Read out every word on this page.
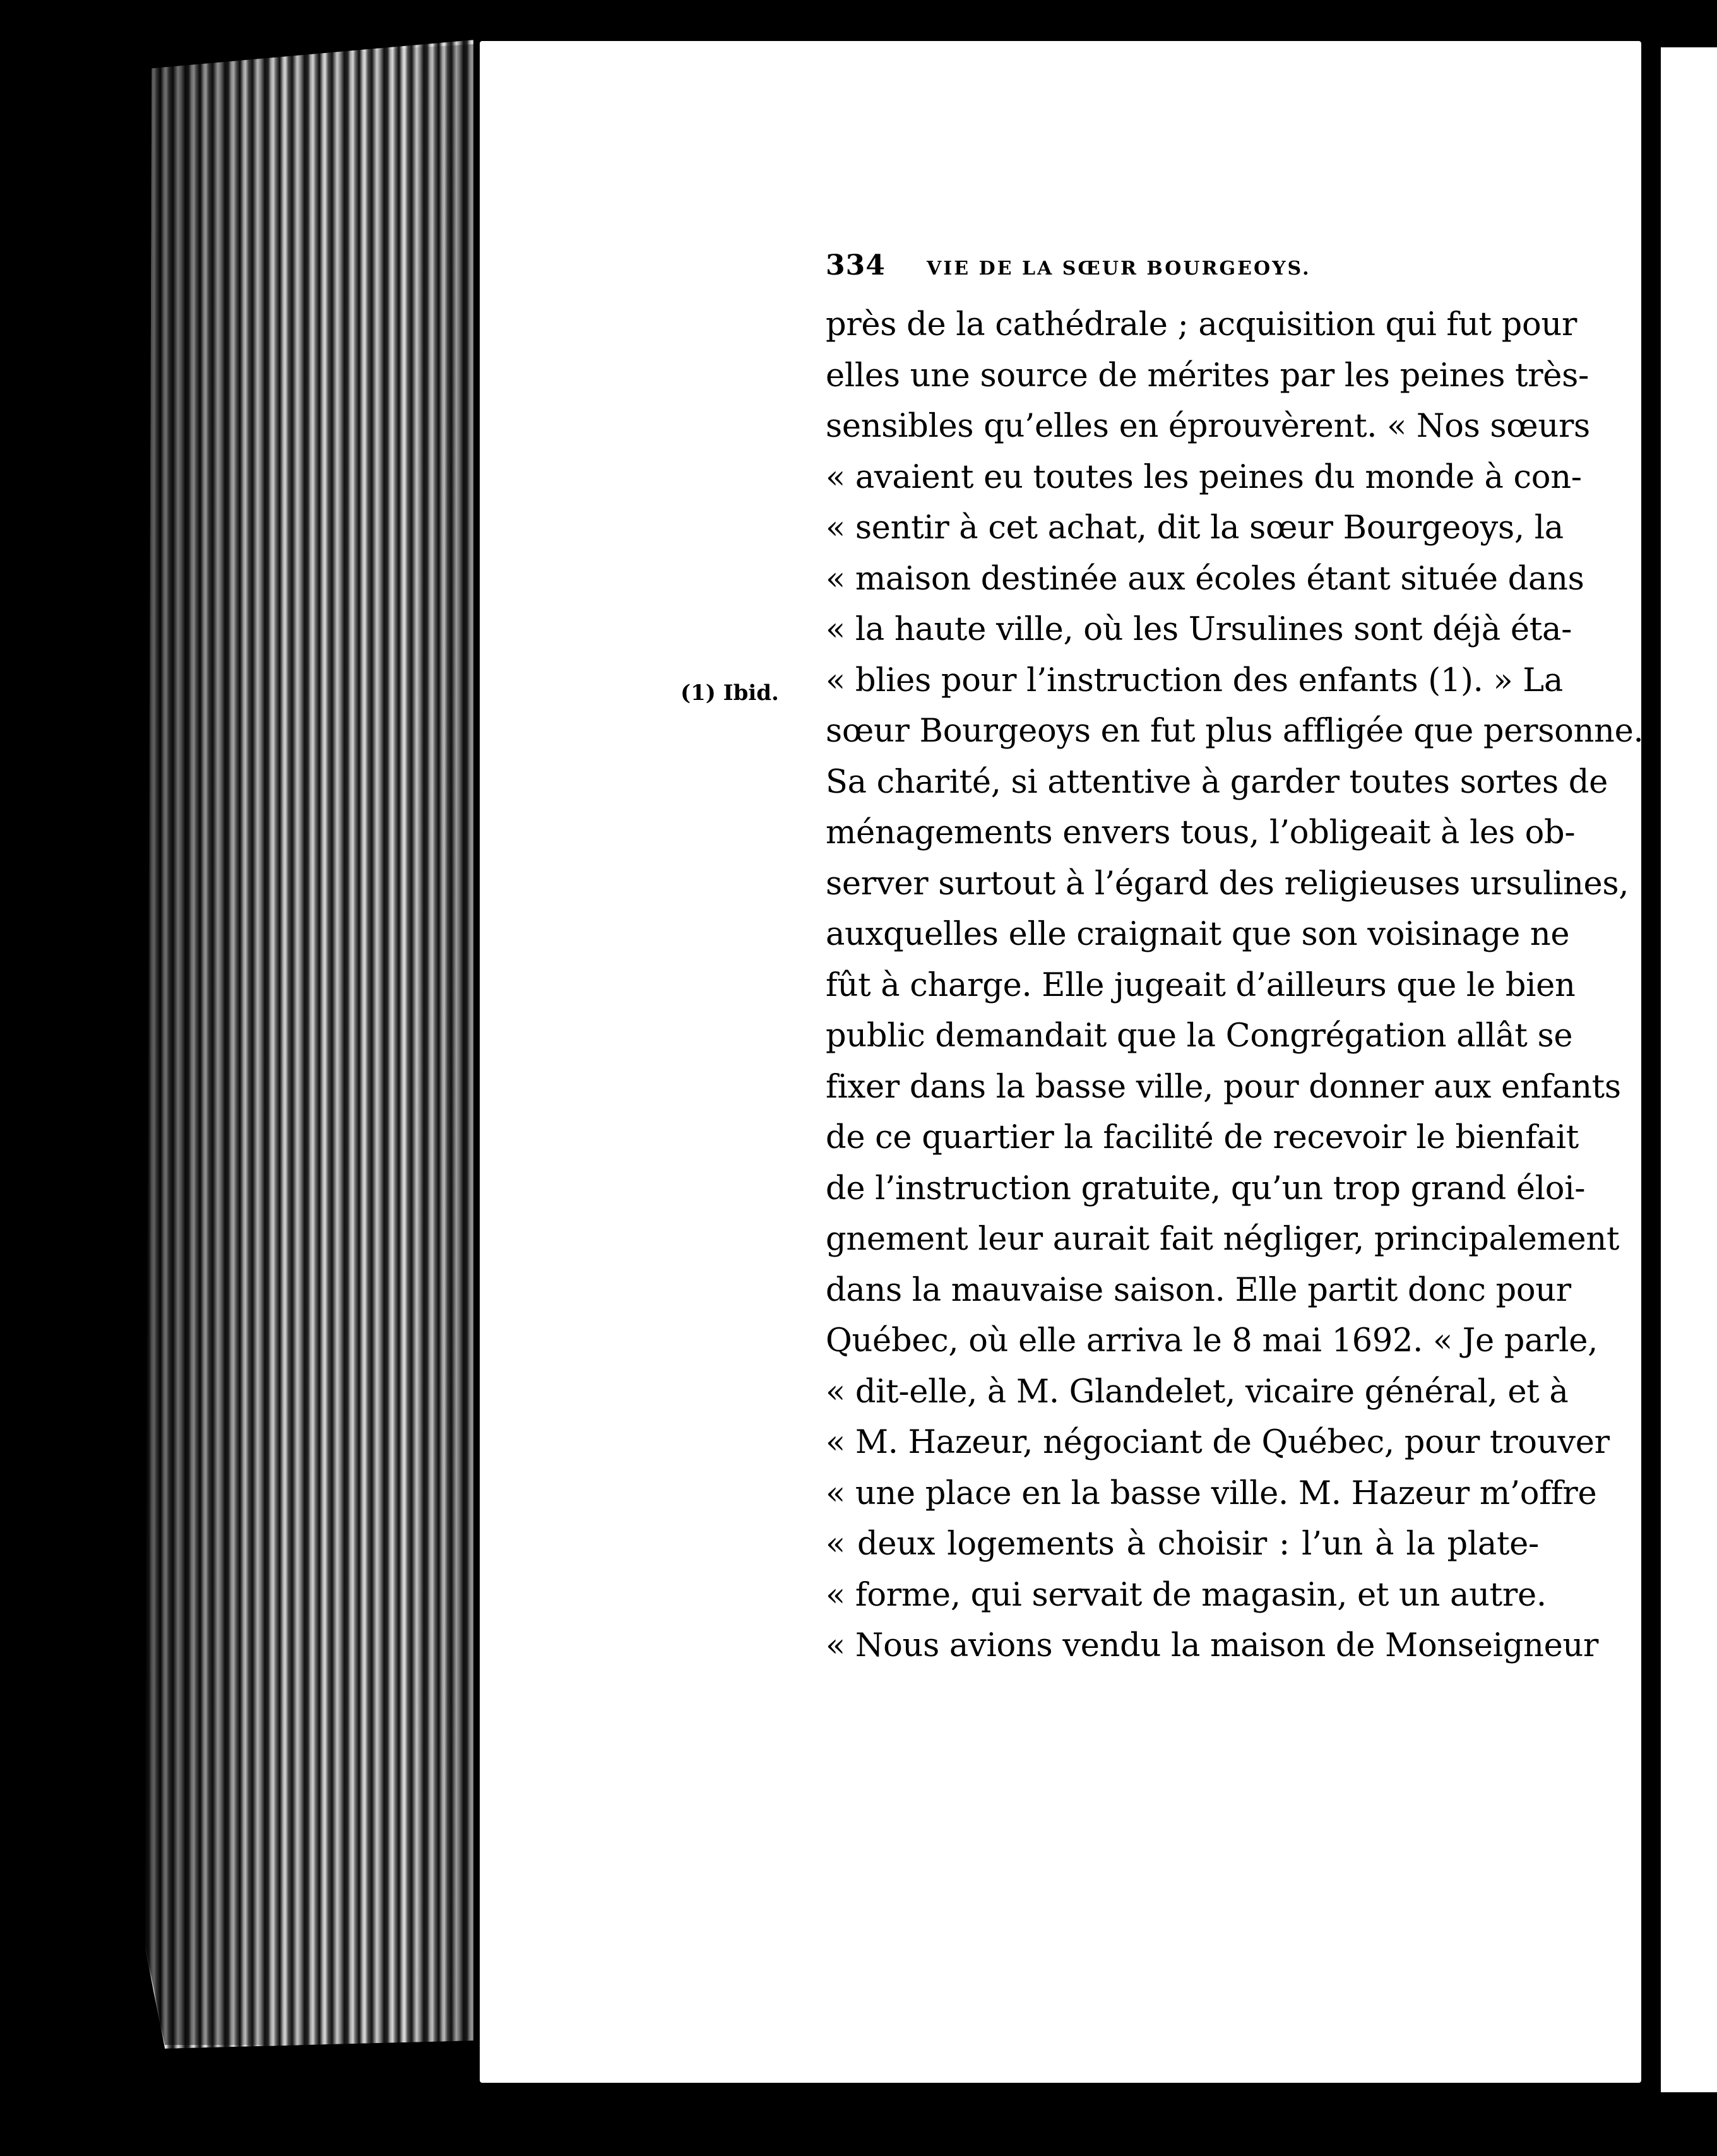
(1) Ibid.
334	VIE DE LA SŒUR BOURGEOYS.
près de la cathédrale ; acquisition qui fut pour
elles une source de mérites par les peines très-
sensibles qu’elles en éprouvèrent. « Nos sœurs
« avaient eu toutes les peines du monde à con-
« sentir à cet achat, dit la sœur Bourgeoys, la
« maison destinée aux écoles étant située dans
« la haute ville, où les Ursulines sont déjà éta-
« blies pour l’instruction des enfants (1). » La
sœur Bourgeoys en fut plus affligée que personne.
Sa charité, si attentive à garder toutes sortes de
ménagements envers tous, l’obligeait à les ob-
server surtout à l’égard des religieuses ursulines,
auxquelles elle craignait que son voisinage ne
fût à charge. Elle jugeait d’ailleurs que le bien
public demandait que la Congrégation allât se
fixer dans la basse ville, pour donner aux enfants
de ce quartier la facilité de recevoir le bienfait
de l’instruction gratuite, qu’un trop grand éloi-
gnement leur aurait fait négliger, principalement
dans la mauvaise saison. Elle partit donc pour
Québec, où elle arriva le 8 mai 1692. « Je parle,
« dit-elle, à M. Glandelet, vicaire général, et à
« M. Hazeur, négociant de Québec, pour trouver
« une place en la basse ville. M. Hazeur m’offre
« deux logements à choisir : l’un à la plate-
« forme, qui servait de magasin, et un autre.
« Nous avions vendu la maison de Monseigneur
